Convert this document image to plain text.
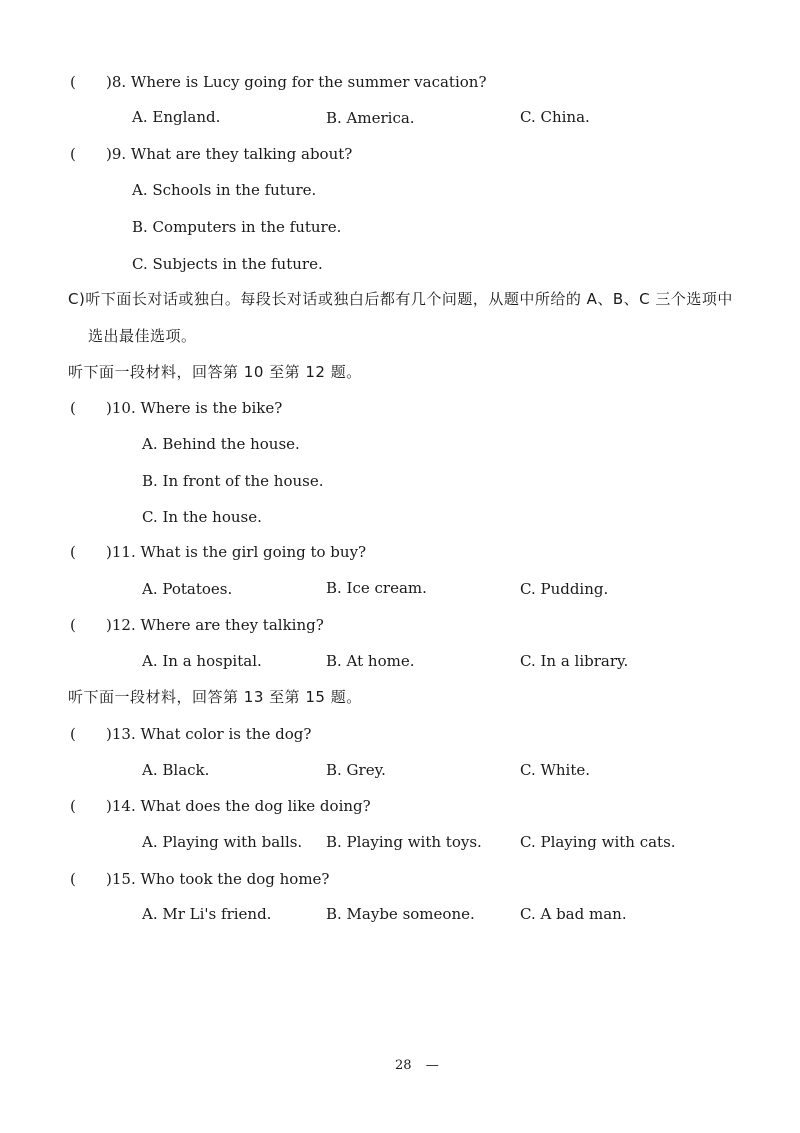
( )8. Where is Lucy going for the summer vacation?
A. England.	B. America.	C. China.
( )9. What are they talking about?
A. Schools in the future.
B. Computers in the future.
C. Subjects in the future.
C)听下面长对话或独白。每段长对话或独白后都有几个问题，从题中所给的 A、B、C 三个选项中
选出最佳选项。
听下面一段材料，回答第 10 至第 12 题。
( )10. Where is the bike?
A. Behind the house.
B. In front of the house.
C. In the house.
( )11. What is the girl going to buy?
A. Potatoes.	B. Ice cream.	C. Pudding.
( )12. Where are they talking?
A. In a hospital.	B. At home.	C. In a library.
听下面一段材料，回答第 13 至第 15 题。
( )13. What color is the dog?
A. Black.	B. Grey.	C. White.
( )14. What does the dog like doing?
A. Playing with balls. B. Playing with toys.	C. Playing with cats.
( )15. Who took the dog home?
A. Mr Li's friend.	B. Maybe someone.	C. A bad man.
28 —
